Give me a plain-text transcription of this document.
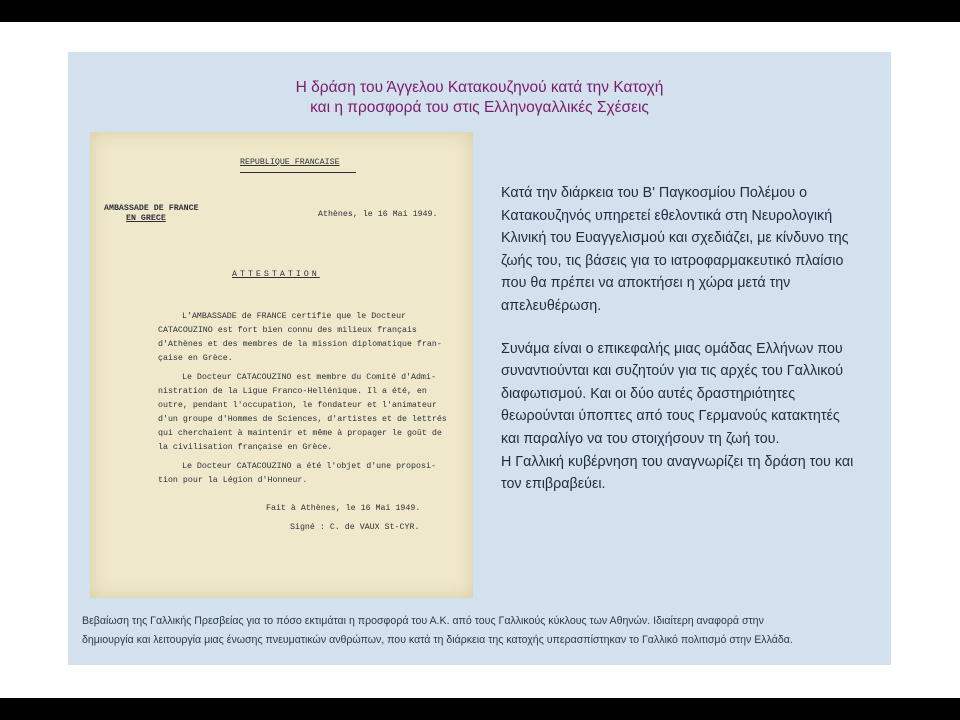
Η δράση του Άγγελου Κατακουζηνού κατά την Κατοχή
και η προσφορά του στις Ελληνογαλλικές Σχέσεις
REPUBLIQUE FRANCAISE
AMBASSADE DE FRANCE
EN GRECE	Athènes, le 16 Mai 1949.
ATTESTATION
L'AMBASSADE de FRANCE certifie que le Docteur
CATACOUZINO est fort bien connu des milieux français
d'Athènes et des membres de la mission diplomatique fran-
çaise en Grèce.
Le Docteur CATACOUZINO est membre du Comité d'Admi-
nistration de la Ligue Franco-Hellénique. Il a été, en
outre, pendant l'occupation, le fondateur et l'animateur
d'un groupe d'Hommes de Sciences, d'artistes et de lettrés
qui cherchaient à maintenir et même à propager le goût de
la civilisation française en Grèce.
Le Docteur CATACOUZINO a été l'objet d'une proposi-
tion pour la Légion d'Honneur.
Fait à Athènes, le 16 Mai 1949.
Signé : C. de VAUX St-CYR.

Κατά την διάρκεια του Β' Παγκοσμίου Πολέμου ο Κατακουζηνός υπηρετεί εθελοντικά στη Νευρολογική Κλινική του Ευαγγελισμού και σχεδιάζει, με κίνδυνο της ζωής του, τις βάσεις για το ιατροφαρμακευτικό πλαίσιο που θα πρέπει να αποκτήσει η χώρα μετά την απελευθέρωση.

Συνάμα είναι ο επικεφαλής μιας ομάδας Ελλήνων που συναντιούνται και συζητούν για τις αρχές του Γαλλικού διαφωτισμού. Και οι δύο αυτές δραστηριότητες θεωρούνται ύποπτες από τους Γερμανούς κατακτητές και παραλίγο να του στοιχήσουν τη ζωή του.

Η Γαλλική κυβέρνηση του αναγνωρίζει τη δράση του και τον επιβραβεύει.

Βεβαίωση της Γαλλικής Πρεσβείας για το πόσο εκτιμάται η προσφορά του Α.Κ. από τους Γαλλικούς κύκλους των Αθηνών. Ιδιαίτερη αναφορά στην
δημιουργία και λειτουργία μιας ένωσης πνευματικών ανθρώπων, που κατά τη διάρκεια της κατοχής υπερασπίστηκαν το Γαλλικό πολιτισμό στην Ελλάδα.
